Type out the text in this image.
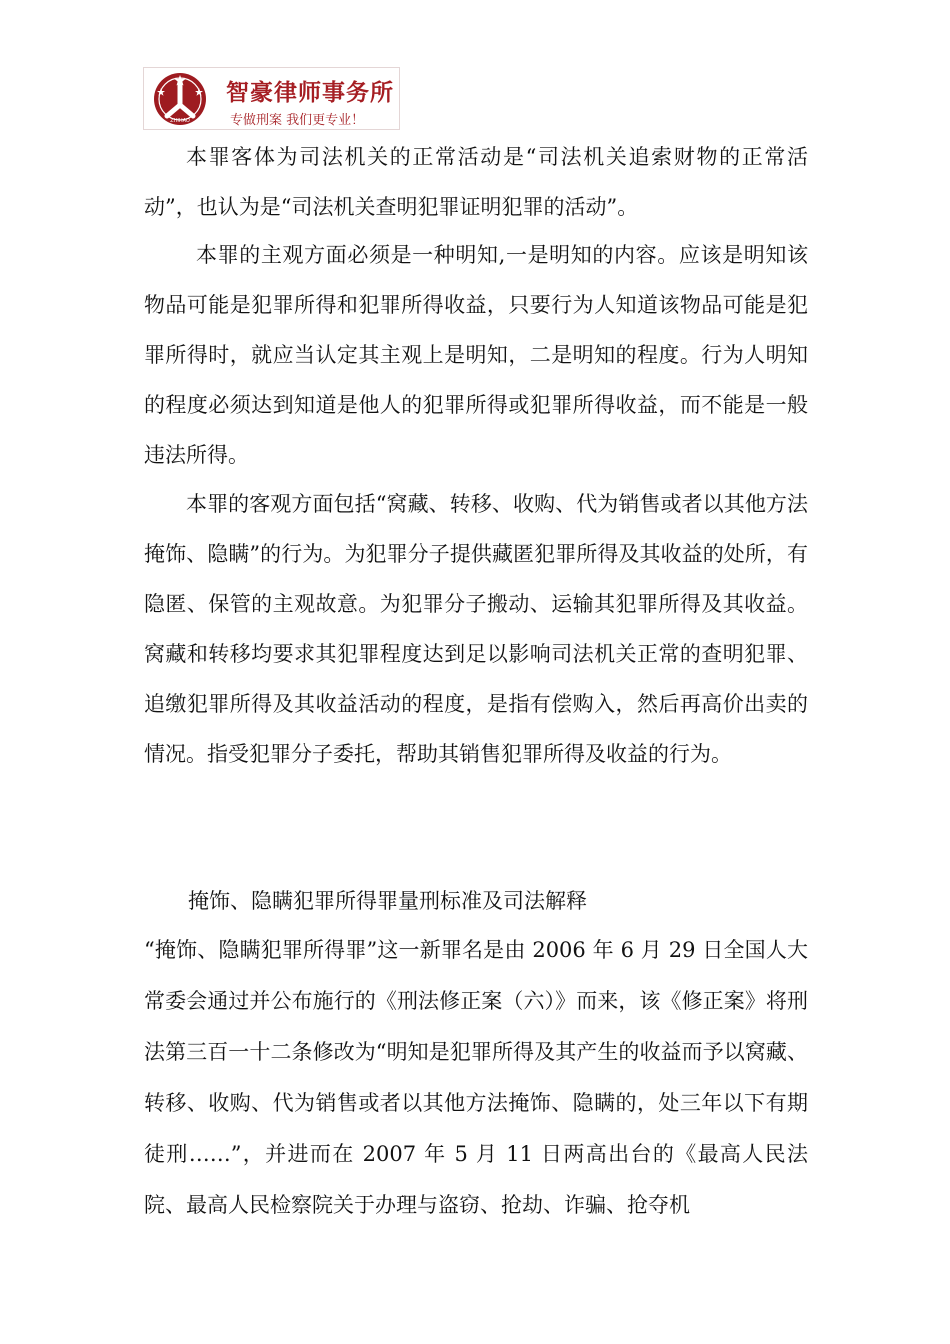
ZHIHAO
智豪律师事务所
专做刑案 我们更专业！

本罪客体为司法机关的正常活动是“司法机关追索财物的正常活动”，也认为是“司法机关查明犯罪证明犯罪的活动”。

本罪的主观方面必须是一种明知,一是明知的内容。应该是明知该物品可能是犯罪所得和犯罪所得收益，只要行为人知道该物品可能是犯罪所得时，就应当认定其主观上是明知，二是明知的程度。行为人明知的程度必须达到知道是他人的犯罪所得或犯罪所得收益，而不能是一般违法所得。

本罪的客观方面包括“窝藏、转移、收购、代为销售或者以其他方法掩饰、隐瞒”的行为。为犯罪分子提供藏匿犯罪所得及其收益的处所，有隐匿、保管的主观故意。为犯罪分子搬动、运输其犯罪所得及其收益。窝藏和转移均要求其犯罪程度达到足以影响司法机关正常的查明犯罪、追缴犯罪所得及其收益活动的程度，是指有偿购入，然后再高价出卖的情况。指受犯罪分子委托，帮助其销售犯罪所得及收益的行为。

掩饰、隐瞒犯罪所得罪量刑标准及司法解释

“掩饰、隐瞒犯罪所得罪”这一新罪名是由 2006 年 6 月 29 日全国人大常委会通过并公布施行的《刑法修正案（六）》而来，该《修正案》将刑法第三百一十二条修改为“明知是犯罪所得及其产生的收益而予以窝藏、转移、收购、代为销售或者以其他方法掩饰、隐瞒的，处三年以下有期徒刑……”，并进而在 2007 年 5 月 11 日两高出台的《最高人民法院、最高人民检察院关于办理与盗窃、抢劫、诈骗、抢夺机
